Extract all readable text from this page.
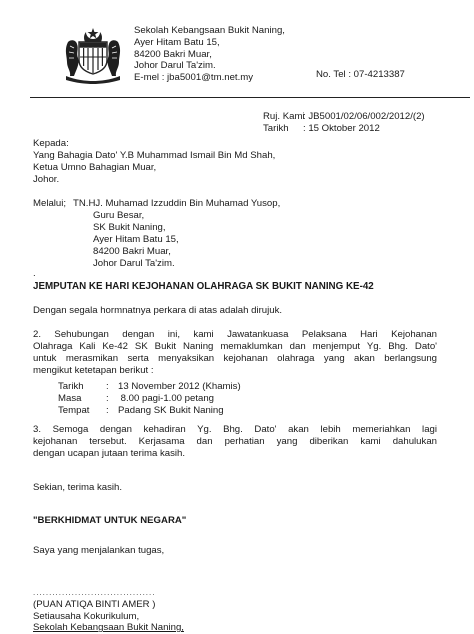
Sekolah Kebangsaan Bukit Naning,
Ayer Hitam Batu 15,
84200 Bakri Muar,
Johor Darul Ta'zim.
E-mel : jba5001@tm.net.my	No. Tel : 07-4213387
Ruj. Kami: JB5001/02/06/002/2012/(2)
Tarikh : 15 Oktober 2012
Kepada:
Yang Bahagia Dato' Y.B Muhammad Ismail Bin Md Shah,
Ketua Umno Bahagian Muar,
Johor.
Melalui; TN.HJ. Muhamad Izzuddin Bin Muhamad Yusop,
Guru Besar,
SK Bukit Naning,
Ayer Hitam Batu 15,
84200 Bakri Muar,
Johor Darul Ta'zim.
.
JEMPUTAN KE HARI KEJOHANAN OLAHRAGA SK BUKIT NANING KE-42
Dengan segala hormnatnya perkara di atas adalah dirujuk.
2. Sehubungan dengan ini, kami Jawatankuasa Pelaksana Hari Kejohanan
Olahraga Kali Ke-42 SK Bukit Naning memaklumkan dan menjemput Yg. Bhg. Dato'
untuk merasmikan serta menyaksikan kejohanan olahraga yang akan berlangsung
mengikut ketetapan berikut :
Tarikh : 13 November 2012 (Khamis)
Masa	: 8.00 pagi-1.00 petang
Tempat : Padang SK Bukit Naning
3. Semoga dengan kehadiran Yg. Bhg. Dato' akan lebih memeriahkan lagi
kejohanan tersebut. Kerjasama dan perhatian yang diberikan kami dahulukan
dengan ucapan jutaan terima kasih.
Sekian, terima kasih.
"BERKHIDMAT UNTUK NEGARA"
Saya yang menjalankan tugas,
......................................
(PUAN ATIQA BINTI AMER )
Setiausaha Kokurikulum,
Sekolah Kebangsaan Bukit Naning,
